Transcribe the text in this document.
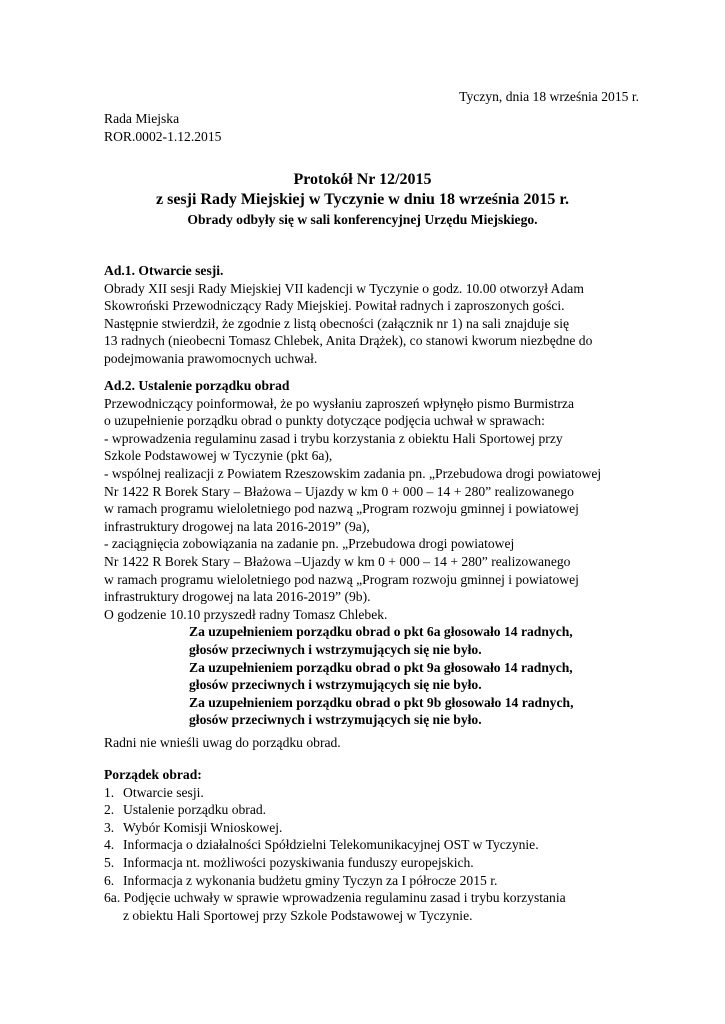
Tyczyn, dnia 18 września 2015 r.
Rada Miejska
ROR.0002-1.12.2015
Protokół Nr 12/2015
z sesji Rady Miejskiej w Tyczynie w dniu 18 września 2015 r.
Obrady odbyły się w sali konferencyjnej Urzędu Miejskiego.
Ad.1. Otwarcie sesji.
Obrady XII sesji Rady Miejskiej VII kadencji w Tyczynie o godz. 10.00 otworzył Adam
Skowroński Przewodniczący Rady Miejskiej. Powitał radnych i zaproszonych gości.
Następnie stwierdził, że zgodnie z listą obecności (załącznik nr 1) na sali znajduje się
13 radnych (nieobecni Tomasz Chlebek, Anita Drążek), co stanowi kworum niezbędne do
podejmowania prawomocnych uchwał.
Ad.2. Ustalenie porządku obrad
Przewodniczący poinformował, że po wysłaniu zaproszeń wpłynęło pismo Burmistrza
o uzupełnienie porządku obrad o punkty dotyczące podjęcia uchwał w sprawach:
- wprowadzenia regulaminu zasad i trybu korzystania z obiektu Hali Sportowej przy
Szkole Podstawowej w Tyczynie (pkt 6a),
- wspólnej realizacji z Powiatem Rzeszowskim zadania pn. „Przebudowa drogi powiatowej
Nr 1422 R Borek Stary – Błażowa – Ujazdy w km 0 + 000 – 14 + 280” realizowanego
w ramach programu wieloletniego pod nazwą „Program rozwoju gminnej i powiatowej
infrastruktury drogowej na lata 2016-2019” (9a),
- zaciągnięcia zobowiązania na zadanie pn. „Przebudowa drogi powiatowej
Nr 1422 R Borek Stary – Błażowa –Ujazdy w km 0 + 000 – 14 + 280” realizowanego
w ramach programu wieloletniego pod nazwą „Program rozwoju gminnej i powiatowej
infrastruktury drogowej na lata 2016-2019” (9b).
O godzenie 10.10 przyszedł radny Tomasz Chlebek.
Za uzupełnieniem porządku obrad o pkt 6a głosowało 14 radnych,
głosów przeciwnych i wstrzymujących się nie było.
Za uzupełnieniem porządku obrad o pkt 9a głosowało 14 radnych,
głosów przeciwnych i wstrzymujących się nie było.
Za uzupełnieniem porządku obrad o pkt 9b głosowało 14 radnych,
głosów przeciwnych i wstrzymujących się nie było.
Radni nie wnieśli uwag do porządku obrad.
Porządek obrad:
1. Otwarcie sesji.
2. Ustalenie porządku obrad.
3. Wybór Komisji Wnioskowej.
4. Informacja o działalności Spółdzielni Telekomunikacyjnej OST w Tyczynie.
5. Informacja nt. możliwości pozyskiwania funduszy europejskich.
6. Informacja z wykonania budżetu gminy Tyczyn za I półrocze 2015 r.
6a. Podjęcie uchwały w sprawie wprowadzenia regulaminu zasad i trybu korzystania
z obiektu Hali Sportowej przy Szkole Podstawowej w Tyczynie.
